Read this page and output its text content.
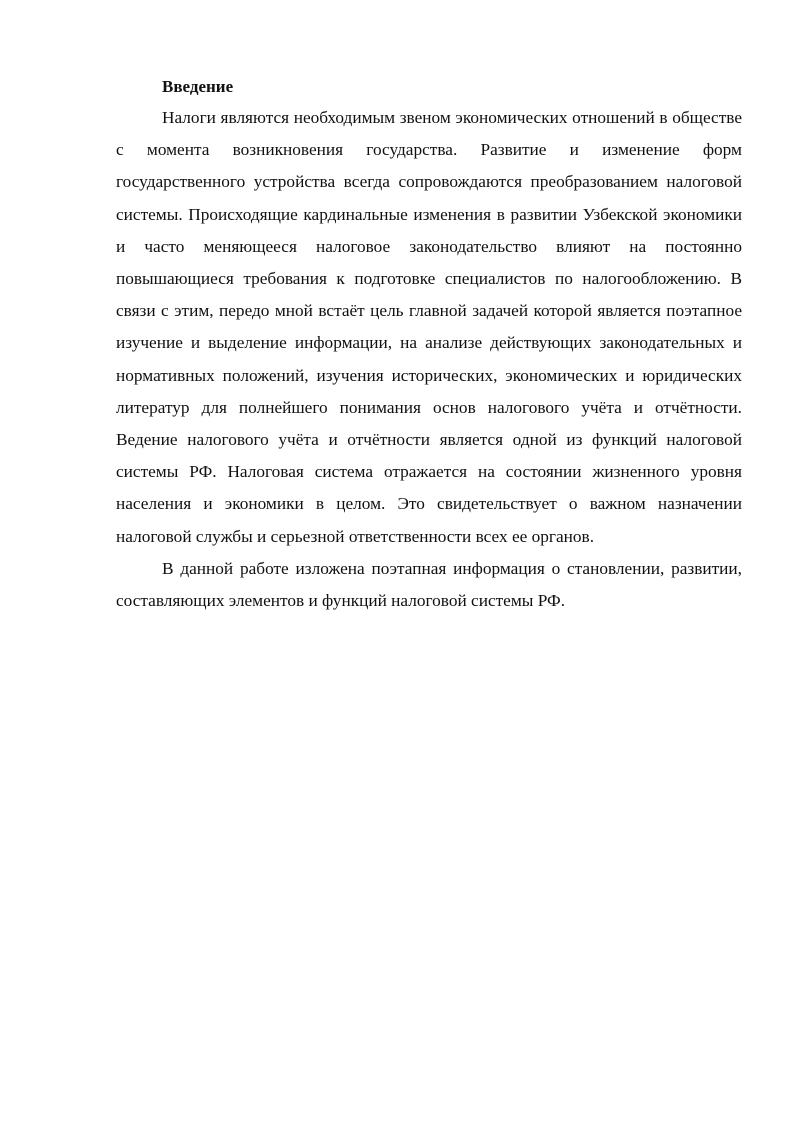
Введение

Налоги являются необходимым звеном экономических отношений в обществе с момента возникновения государства. Развитие и изменение форм государственного устройства всегда сопровождаются преобразованием налоговой системы. Происходящие кардинальные изменения в развитии Узбекской экономики и часто меняющееся налоговое законодательство влияют на постоянно повышающиеся требования к подготовке специалистов по налогообложению. В связи с этим, передо мной встаёт цель главной задачей которой является поэтапное изучение и выделение информации, на анализе действующих законодательных и нормативных положений, изучения исторических, экономических и юридических литератур для полнейшего понимания основ налогового учёта и отчётности. Ведение налогового учёта и отчётности является одной из функций налоговой системы РФ. Налоговая система отражается на состоянии жизненного уровня населения и экономики в целом. Это свидетельствует о важном назначении налоговой службы и серьезной ответственности всех ее органов.

В данной работе изложена поэтапная информация о становлении, развитии, составляющих элементов и функций налоговой системы РФ.
